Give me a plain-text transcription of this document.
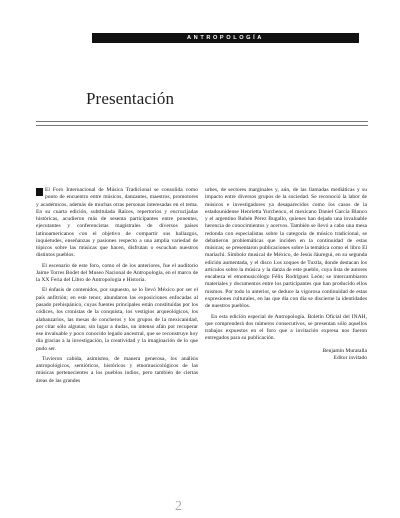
ANTROPOLOGÍA
Presentación

El Foro Internacional de Música Tradicional se consolida como punto de encuentro entre músicos, danzantes, maestros, promotores y académicos, además de muchas otras personas interesadas en el tema. En su cuarta edición, subtitulada Raíces, repertorios y encrucijadas históricas, acudieron más de sesenta participantes entre ponentes, ejecutantes y conferencistas magistrales de diversos países latinoamericanos con el objetivo de compartir sus hallazgos, inquietudes, enseñanzas y pasiones respecto a una amplia variedad de tópicos sobre las músicas que hacen, disfrutan o escuchan nuestros distintos pueblos.

El escenario de este foro, como el de los anteriores, fue el auditorio Jaime Torres Bodet del Museo Nacional de Antropología, en el marco de la XX Feria del Libro de Antropología e Historia.

El énfasis de contenidos, por supuesto, se lo llevó México por ser el país anfitrión; en este tenor, abundaron las exposiciones enfocadas al pasado prehispánico, cuyas fuentes principales están constituidas por los códices, los cronistas de la conquista, los vestigios arqueológicos, los alabanzarios, las mesas de concheros y los grupos de la mexicanidad, por citar sólo algunas; sin lugar a dudas, un intenso afán por recuperar ese invaluable y poco conocido legado ancestral, que se reconstruye hoy día gracias a la investigación, la creatividad y la imaginación de lo que pudo ser.

Tuvieron cabida, asimismo, de manera generosa, los análisis antropológicos, semióticos, históricos y etnomusicológicos de las músicas pertenecientes a los pueblos indios, pero también de ciertas áreas de las grandes

urbes, de sectores marginales y, aún, de las llamadas mediáticas y su impacto entre diversos grupos de la sociedad. Se reconoció la labor de músicos e investigadores ya desaparecidos como los casos de la estadounidense Henrietta Yurchenco, el mexicano Daniel García Blanco y el argentino Rubén Pérez Bugallo, quienes han dejado una invaluable herencia de conocimientos y acervos. También se llevó a cabo una mesa redonda con especialistas sobre la categoría de músico tradicional, se debatieron problemáticas que inciden en la continuidad de estas músicas; se presentaron publicaciones sobre la temática como el libro El mariachi. Símbolo musical de México, de Jesús Jáuregui, en su segunda edición aumentada, y el disco Los zoques de Tuxtla, donde destacan los artículos sobre la música y la danza de este pueblo, cuya lista de autores encabeza el etnomusicólogo Félix Rodríguez León; se intercambiaron materiales y documentos entre los participantes que han producido ellos mismos. Por todo lo anterior, se deduce la vigorosa continuidad de estas expresiones culturales, en las que día con día se discierne la identidades de nuestros pueblos.

En esta edición especial de Antropología. Boletín Oficial del INAH, que comprenderá dos números consecutivos, se presentan sólo aquellos trabajos expuestos en el foro que a invitación expresa nos fueron entregados para su publicación.

Benjamín Muratalla
Editor invitado

2
